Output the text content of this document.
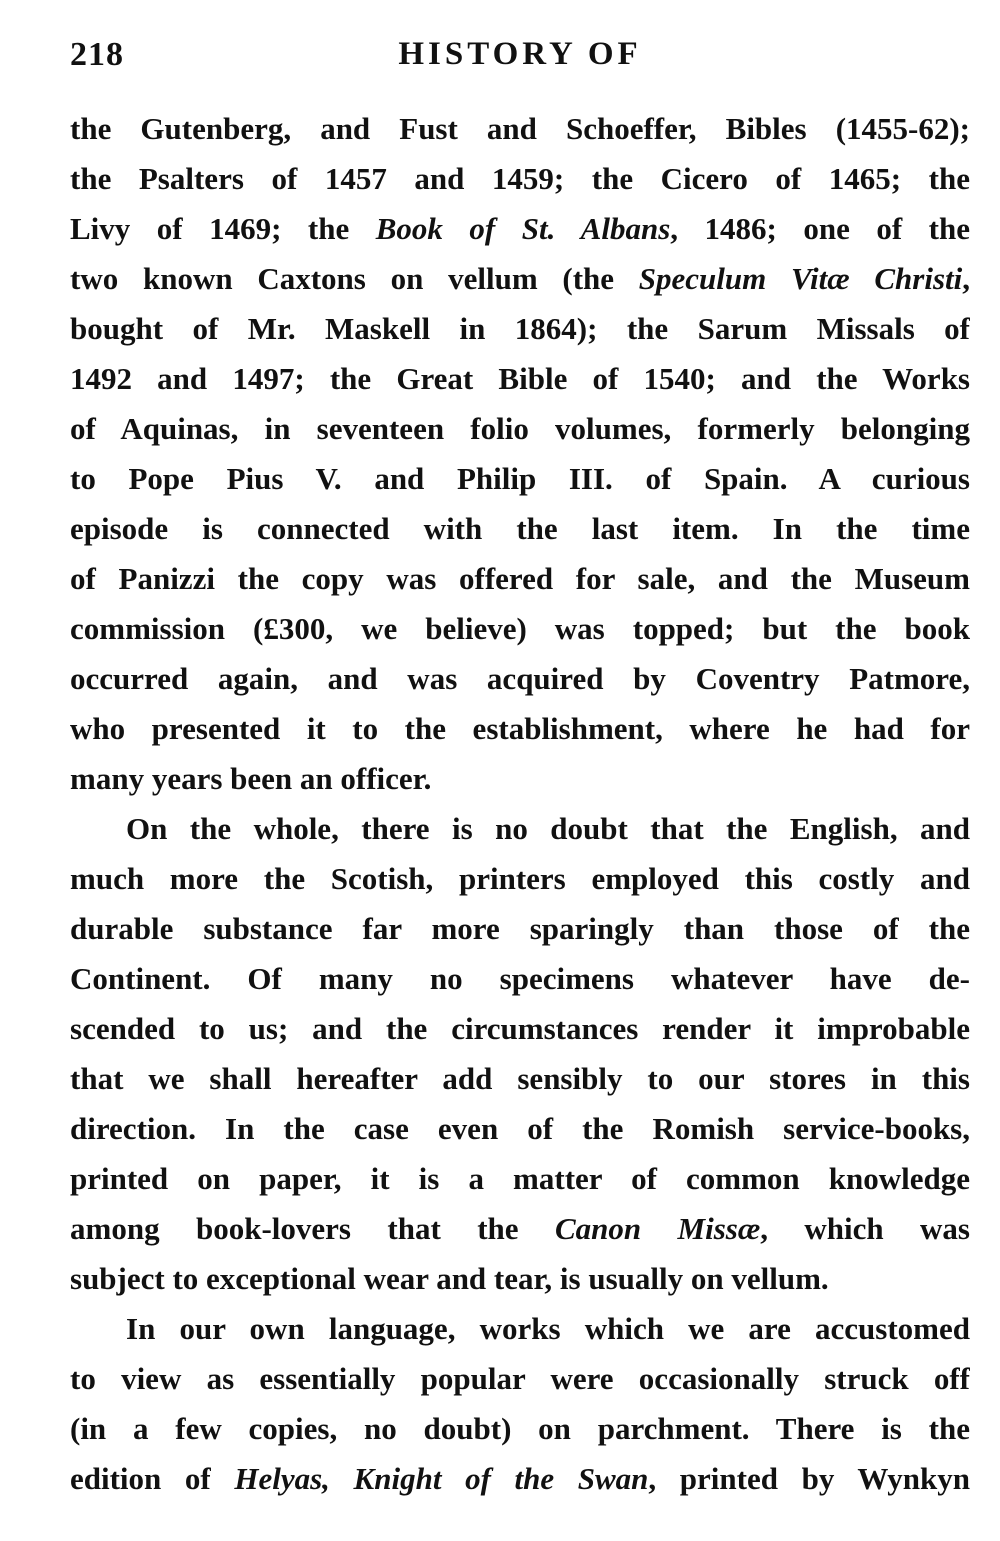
HISTORY OF
218
the Gutenberg, and Fust and Schoeffer, Bibles (1455-62);
the Psalters of 1457 and 1459; the Cicero of 1465; the
Livy of 1469; the Book of St. Albans, 1486; one of the
two known Caxtons on vellum (the Speculum Vitæ Christi,
bought of Mr. Maskell in 1864); the Sarum Missals of
1492 and 1497; the Great Bible of 1540; and the Works
of Aquinas, in seventeen folio volumes, formerly belonging
to Pope Pius V. and Philip III. of Spain. A curious
episode is connected with the last item. In the time
of Panizzi the copy was offered for sale, and the Museum
commission (£300, we believe) was topped; but the book
occurred again, and was acquired by Coventry Patmore,
who presented it to the establishment, where he had for
many years been an officer.
On the whole, there is no doubt that the English, and
much more the Scotish, printers employed this costly and
durable substance far more sparingly than those of the
Continent. Of many no specimens whatever have de-
scended to us; and the circumstances render it improbable
that we shall hereafter add sensibly to our stores in this
direction. In the case even of the Romish service-books,
printed on paper, it is a matter of common knowledge
among book-lovers that the Canon Missæ, which was
subject to exceptional wear and tear, is usually on vellum.
In our own language, works which we are accustomed
to view as essentially popular were occasionally struck off
(in a few copies, no doubt) on parchment. There is the
edition of Helyas, Knight of the Swan, printed by Wynkyn
